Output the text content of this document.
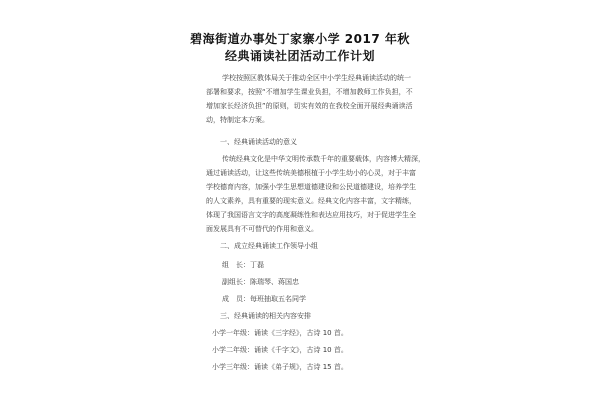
碧海街道办事处丁家寨小学 2017 年秋
经典诵读社团活动工作计划
学校按照区教体局关于推动全区中小学生经典诵读活动的统一
部署和要求，按照“不增加学生课业负担，不增加教师工作负担，不
增加家长经济负担”的原则，切实有效的在我校全面开展经典诵读活
动，特制定本方案。
一、经典诵读活动的意义
传统经典文化是中华文明传承数千年的重要载体，内容博大精深，
通过诵读活动，让这些传统美德根植于小学生幼小的心灵，对于丰富
学校德育内容，加强小学生思想道德建设和公民道德建设，培养学生
的人文素养，具有重要的现实意义。经典文化内容丰富，文字精练，
体现了我国语言文字的高度凝练性和表达应用技巧，对于促进学生全
面发展具有不可替代的作用和意义。
二、成立经典诵读工作领导小组
组　长：丁磊
副组长：陈瑞琴、蒋国忠
成　员：每班抽取五名同学
三、经典诵读的相关内容安排
小学一年级：诵读《三字经》，古诗 10 首。
小学二年级：诵读《千字文》，古诗 10 首。
小学三年级：诵读《弟子规》，古诗 15 首。
